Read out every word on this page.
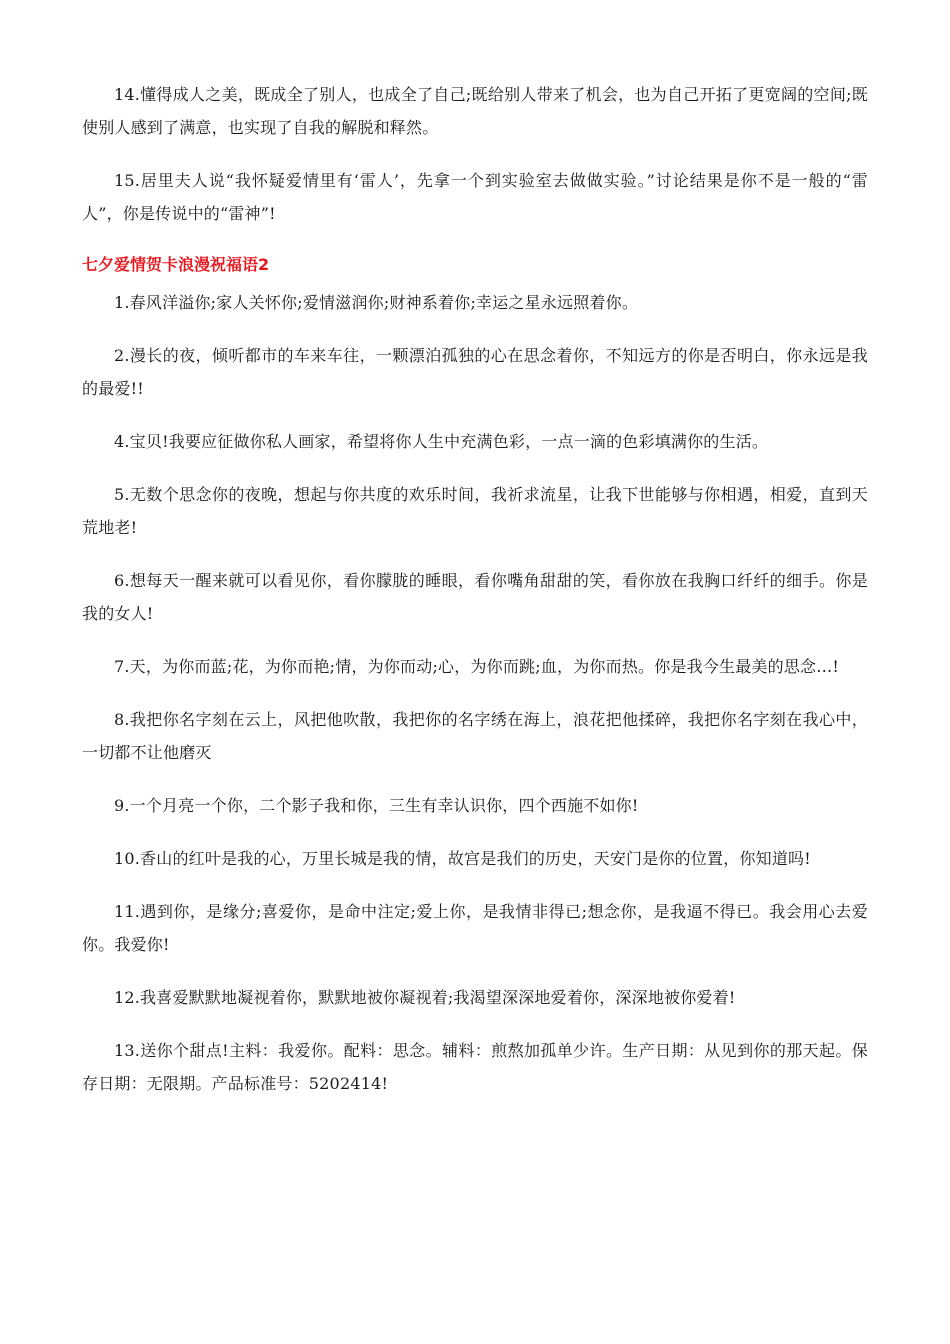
14.懂得成人之美，既成全了别人，也成全了自己;既给别人带来了机会，也为自己开拓了更宽阔的空间;既使别人感到了满意，也实现了自我的解脱和释然。

15.居里夫人说“我怀疑爱情里有‘雷人’，先拿一个到实验室去做做实验。”讨论结果是你不是一般的“雷人”，你是传说中的“雷神”!

七夕爱情贺卡浪漫祝福语2

1.春风洋溢你;家人关怀你;爱情滋润你;财神系着你;幸运之星永远照着你。

2.漫长的夜，倾听都市的车来车往，一颗漂泊孤独的心在思念着你，不知远方的你是否明白，你永远是我的最爱!!

4.宝贝!我要应征做你私人画家，希望将你人生中充满色彩，一点一滴的色彩填满你的生活。

5.无数个思念你的夜晚，想起与你共度的欢乐时间，我祈求流星，让我下世能够与你相遇，相爱，直到天荒地老!

6.想每天一醒来就可以看见你，看你朦胧的睡眼，看你嘴角甜甜的笑，看你放在我胸口纤纤的细手。你是我的女人!

7.天，为你而蓝;花，为你而艳;情，为你而动;心，为你而跳;血，为你而热。你是我今生最美的思念…!

8.我把你名字刻在云上，风把他吹散，我把你的名字绣在海上，浪花把他揉碎，我把你名字刻在我心中，一切都不让他磨灭

9.一个月亮一个你，二个影子我和你，三生有幸认识你，四个西施不如你!

10.香山的红叶是我的心，万里长城是我的情，故宫是我们的历史，天安门是你的位置，你知道吗!

11.遇到你，是缘分;喜爱你，是命中注定;爱上你，是我情非得已;想念你，是我逼不得已。我会用心去爱你。我爱你!

12.我喜爱默默地凝视着你，默默地被你凝视着;我渴望深深地爱着你，深深地被你爱着!

13.送你个甜点!主料：我爱你。配料：思念。辅料：煎熬加孤单少许。生产日期：从见到你的那天起。保存日期：无限期。产品标准号：5202414!
